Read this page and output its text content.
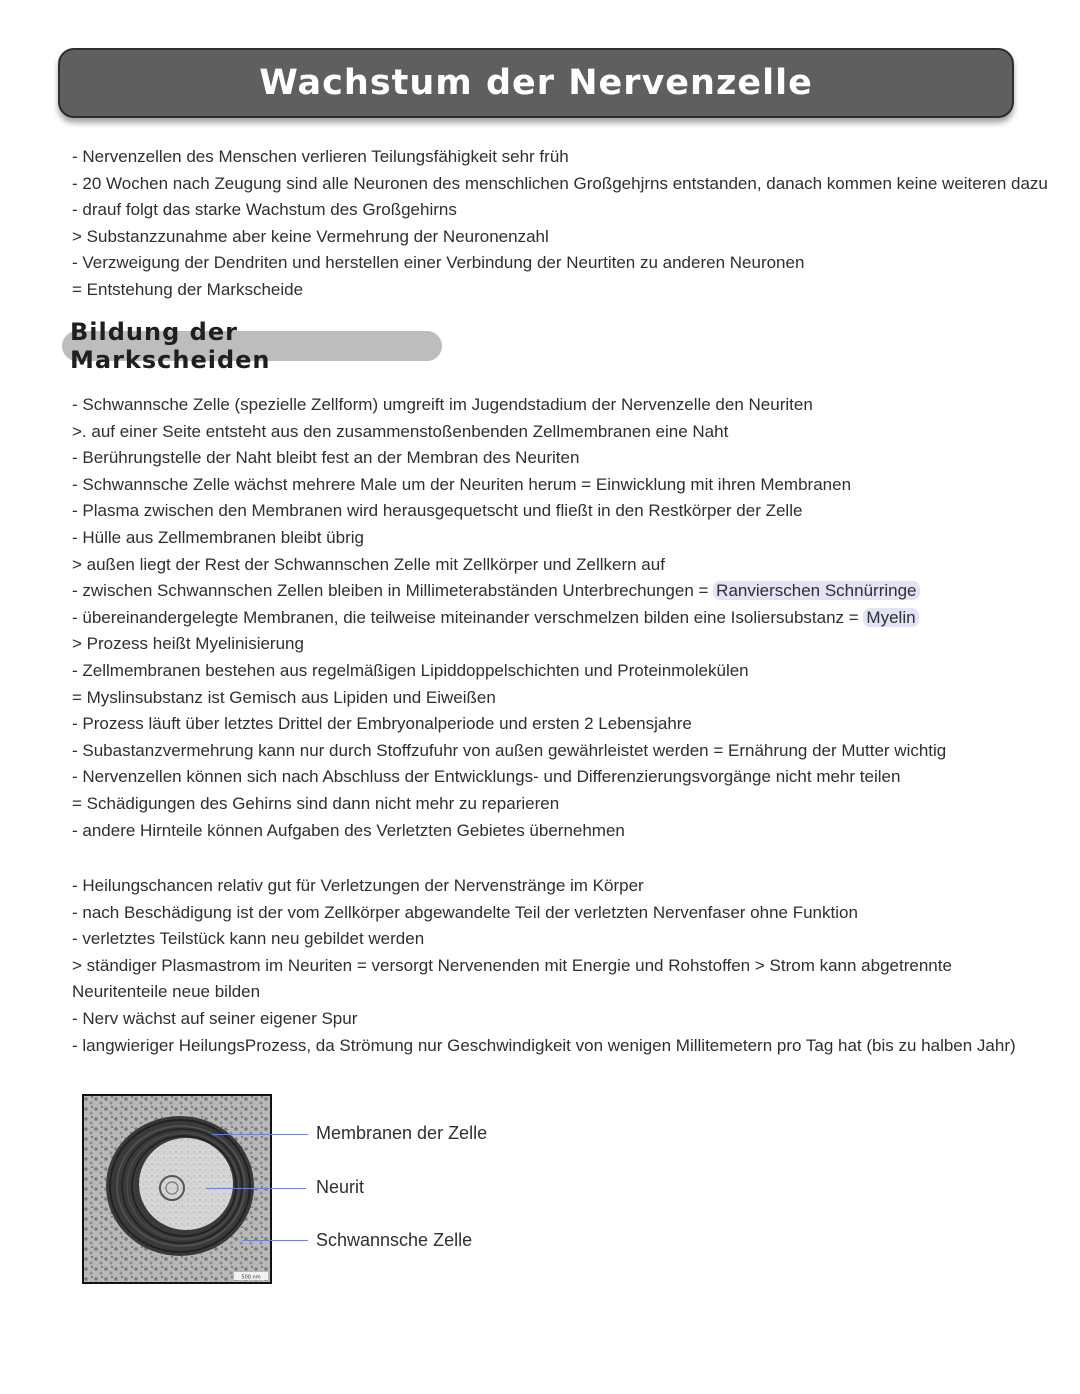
Wachstum der Nervenzelle
- Nervenzellen des Menschen verlieren Teilungsfähigkeit sehr früh
- 20 Wochen nach Zeugung sind alle Neuronen des menschlichen Großgehjrns entstanden, danach kommen keine weiteren dazu
- drauf folgt das starke Wachstum des Großgehirns
> Substanzzunahme aber keine Vermehrung der Neuronenzahl
- Verzweigung der Dendriten und herstellen einer Verbindung der Neurtiten zu anderen Neuronen
= Entstehung der Markscheide
Bildung der Markscheiden
- Schwannsche Zelle (spezielle Zellform) umgreift im Jugendstadium der Nervenzelle den Neuriten
>. auf einer Seite entsteht aus den zusammenstoßenbenden Zellmembranen eine Naht
- Berührungstelle der Naht bleibt fest an der Membran des Neuriten
- Schwannsche Zelle wächst mehrere Male um der Neuriten herum = Einwicklung mit ihren Membranen
- Plasma zwischen den Membranen wird herausgequetscht und fließt in den Restkörper der Zelle
- Hülle aus Zellmembranen bleibt übrig
> außen liegt der Rest der Schwannschen Zelle mit Zellkörper und Zellkern auf
- zwischen Schwannschen Zellen bleiben in Millimeterabständen Unterbrechungen = Ranvierschen Schnürringe
- übereinandergelegte Membranen, die teilweise miteinander verschmelzen bilden eine Isoliersubstanz = Myelin
> Prozess heißt Myelinisierung
- Zellmembranen bestehen aus regelmäßigen Lipiddoppelschichten und Proteinmolekülen
= Myslinsubstanz ist Gemisch aus Lipiden und Eiweißen
- Prozess läuft über letztes Drittel der Embryonalperiode und ersten 2 Lebensjahre
- Subastanzvermehrung kann nur durch Stoffzufuhr von außen gewährleistet werden = Ernährung der Mutter wichtig
- Nervenzellen können sich nach Abschluss der Entwicklungs- und Differenzierungsvorgänge nicht mehr teilen
= Schädigungen des Gehirns sind dann nicht mehr zu reparieren
- andere Hirnteile können Aufgaben des Verletzten Gebietes übernehmen
- Heilungschancen relativ gut für Verletzungen der Nervenstränge im Körper
- nach Beschädigung ist der vom Zellkörper abgewandelte Teil der verletzten Nervenfaser ohne Funktion
- verletztes Teilstück kann neu gebildet werden
> ständiger Plasmastrom im Neuriten = versorgt Nervenenden mit Energie und Rohstoffen > Strom kann abgetrennte
Neuritenteile neue bilden
- Nerv wächst auf seiner eigener Spur
- langwieriger HeilungsProzess, da Strömung nur Geschwindigkeit von wenigen Millitemetern pro Tag hat (bis zu halben Jahr)
500 nm
Membranen der Zelle
Neurit
Schwannsche Zelle
